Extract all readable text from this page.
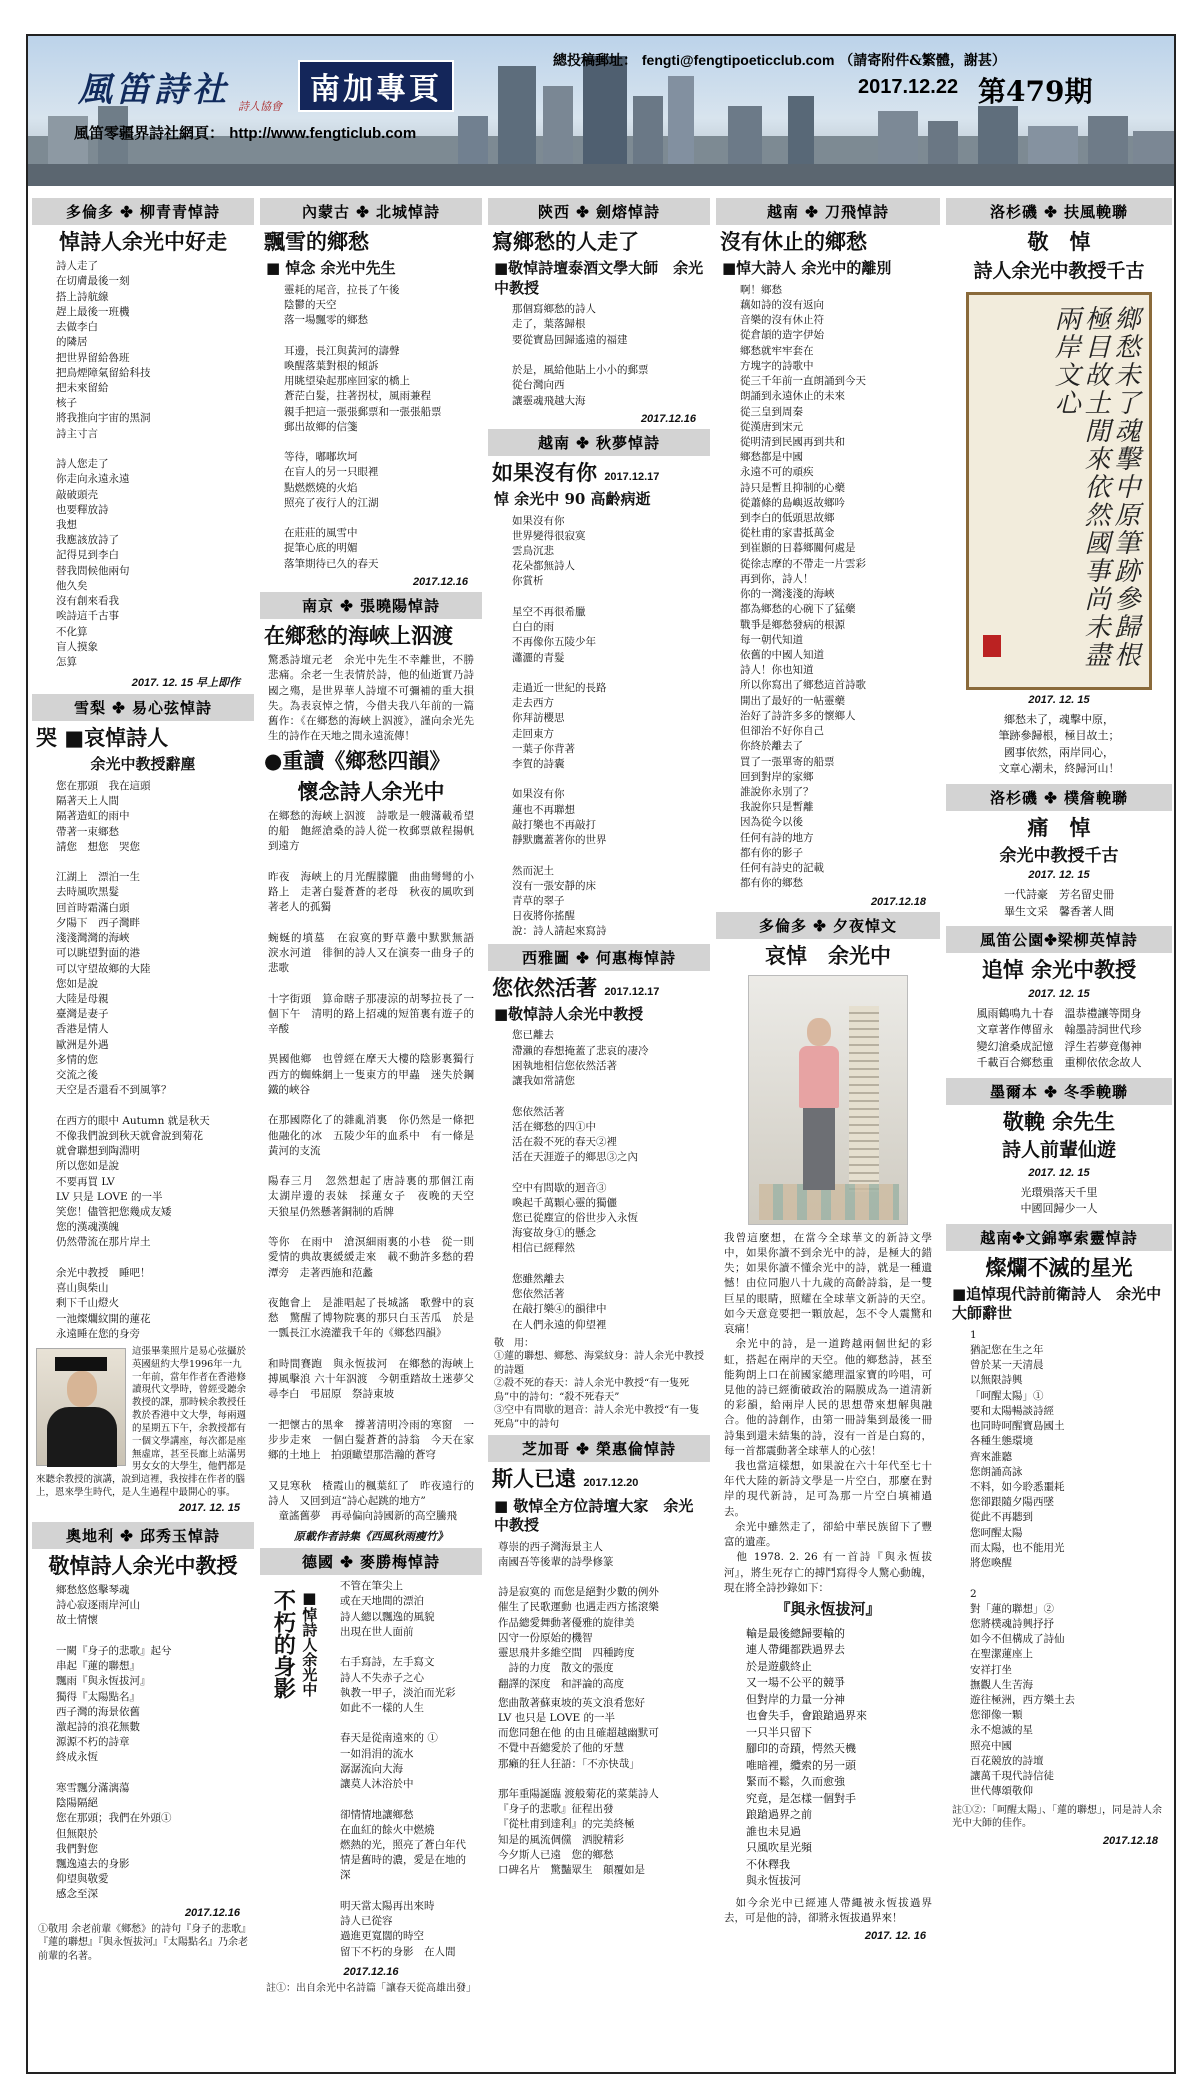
風笛詩社 詩人協會 南加專頁
總投稿郵址： fengti@fengtipoeticclub.com （請寄附件&繁體，謝甚）
2017.12.22 第479期
風笛零疆界詩社網頁： http://www.fengticlub.com
多倫多 ✤ 柳青青悼詩
悼詩人余光中好走
詩人走了
在切膚最後一刻
搭上詩航線
趕上最後一班機
去做李白
的隣居
把世界留給魯班
把鳥煙障氣留給科技
把未來留給
核子
將我推向宇宙的黑洞
詩主寸言

詩人您走了
你走向永遠永遠
敲破頭壳
也要釋放詩
我想
我應該放詩了
記得見到李白
替我問候他兩句
他久矣
沒有創來看我
唉詩這千古事
不化算
盲人摸象
怎算
2017. 12. 15 早上即作
雪梨 ✤ 易心弦悼詩
哭 ■哀悼詩人
余光中教授辭塵
您在那頭　我在這頭
隔著天上人間
隔著造虹的雨中
帶著一束鄉愁
請您　想您　哭您

江湖上　漂泊一生
去時風吹黑髮
回首時霜滿白頭
夕陽下　西子灣畔
淺淺灣灣的海峽
可以眺望對面的港
可以守望故鄉的大陸
您如是說
大陸是母親
臺灣是妻子
香港是情人
歐洲是外遇
多情的您
交流之後
天空是否還看不到風箏？

在西方的眼中 Autumn 就是秋天
不像我們說到秋天就會說到菊花
就會聯想到陶淵明
所以您如是說
不要再買 LV
LV 只是 LOVE 的一半
笑您！儘管把您幾成友矮
您的漢魂漢魄
仍然帶流在那片岸土

余光中教授　睡吧！
喜山與柴山
剩下千山燈火
一池燦爛紋開的蓮花
永遠睡在您的身旁
這張畢業照片是易心弦攝於英國紐約大學1996年一九一年前，當年作者在香港修讀現代文學時，曾經受聽余教授的課，那時候余教授任教於香港中文大學，每兩週的星期五下午，余教授都有一個文學講座，每次都是座無虛席，甚至長廊上站滿男男女女的大學生，他們都是來聽余教授的演講，說到這裡，我按排在作者的腦上，恩來學生時代，是人生過程中最開心的事。
2017. 12. 15
奧地利 ✤ 邱秀玉悼詩
敬悼詩人余光中教授
鄉愁悠悠擊琴魂
詩心寂逐雨岸河山
故土情懷

一闕『身子的悲歌』起兮
串起『蓮的聯想』
飄雨『與永恆拔河』
獨得『太陽點名』
西子灣的海景依舊
激起詩的浪花無數
源源不朽的詩章
終成永恆

寒雪飄分滿漓蕩
陰陽隔絕
您在那頭；我們在外頭①
但無限於
我們對您
飄逸遠去的身影
仰望與敬愛
感念至深
2017.12.16
①敬用 余老前輩《鄉愁》的詩句『身子的悲歌』『蓮的聯想』『與永恆拔河』『太陽點名』乃余老前輩的名著。
內蒙古 ✤ 北城悼詩
飄雪的鄉愁
■ 悼念 余光中先生
靈耗的尾音，拉長了午後
陰鬱的天空
落一場飄零的鄉愁

耳邊，長江與黃河的濤聲
喚醒落葉對根的傾訴
用眺望染起那座回家的橋上
蒼茫白髮，拄著拐杖，風雨兼程
親手把這一張張郵票和一張張船票
郵出故鄉的信箋

等待，嘟嘟坎坷
在盲人的另一只眼裡
點燃燃燒的火焰
照亮了夜行人的江湖

在莊莊的風雪中
捉筆心底的明媚
落筆期待已久的春天
2017.12.16
南京 ✤ 張曉陽悼詩
在鄉愁的海峽上泅渡
驚悉詩壇元老　余光中先生不幸離世，不勝悲痛。余老一生表情於詩，他的仙逝實乃詩國之殤，是世界華人詩壇不可彌補的重大損失。為表哀悼之情，今借夫我八年前的一篇舊作：《在鄉愁的海峽上泅渡》，謹向余光先生的詩作在天地之間永遠流傳！
●重讀《鄉愁四韻》
懷念詩人余光中
在鄉愁的海峽上泅渡　詩歌是一艘滿載希望的船　飽經滄桑的詩人從一枚郵票啟程揚帆到遠方

昨夜　海峽上的月光醒朦朧　曲曲彎彎的小路上　走著白髮蒼蒼的老母　秋夜的風吹到著老人的孤獨

蜿蜒的墳墓　在寂寞的野草叢中默默無語　淚水河道　徘徊的詩人又在演奏一曲身子的悲歌

十字街頭　算命瞎子那凄涼的胡琴拉長了一個下午　清明的路上招魂的短笛裏有遊子的辛酸

異國他鄉　也曾經在摩天大樓的陰影裏獨行　西方的蜘蛛網上一隻東方的甲蟲　迷失於鋼鐵的峽谷

在那國際化了的雜亂消裏　你仍然是一條把他融化的冰　五陵少年的血系中　有一條是黃河的支流

陽春三月　忽然想起了唐詩裏的那個江南　太湖岸邊的表妹　採蓮女子　夜晚的天空　天狼星仍然懸著銅制的盾牌

等你　在雨中　滄溟細雨裏的小巷　從一則愛情的典故裏緩緩走來　載不動許多愁的碧潭旁　走著西施和范蠡

夜飽會上　是誰唱起了長城謠　歌聲中的哀愁　驚醒了博物院裏的那只白玉苦瓜　於是　一瓢長江水澆灌我千年的《鄉愁四韻》

和時間賽跑　與永恆拔河　在鄉愁的海峽上　搏風擊浪 六十年泅渡　今朝重踏故土迷夢父　尋李白　弔屈原　祭詩東坡

一把懷古的黑傘　撐著清明冷雨的寒窗　一步步走來　一個白髮蒼蒼的詩翁　今天在家鄉的土地上　拍頭瞰望那浩瀚的蒼穹

又見寒秋　楂霞山的楓葉紅了　昨夜遠行的詩人　又回到這“詩心起跳的地方”
　童謠舊夢　再尋偏向詩國新的高空騰飛
原載作者詩集《西風秋雨瘦竹》
德國 ✤ 麥勝梅悼詩
不朽的身影 ■悼詩人余光中
不管在筆尖上
或在天地間的漂泊
詩人總以飄逸的風貌
出現在世人面前

右手寫詩，左手寫文
詩人不失赤子之心
執教一甲子，淡泊而光彩
如此不一樣的人生

春天是從南遠來的 ①
一如涓涓的流水
潺潺流向大海
讓莫人沐浴於中

卻情情地讓鄉愁
在血紅的餘火中燃燒
燃熱的光，照亮了蒼白年代
情是舊時的濃，愛是在地的深

明天當太陽再出來時
詩人已從容
過進更寬闊的時空
留下不朽的身影　在人間
2017.12.16
註①：出自余光中名詩篇「讓春天從高雄出發」
陝西 ✤ 劍熔悼詩
寫鄉愁的人走了
■敬悼詩壇泰酒文學大師　余光中教授
那個寫鄉愁的詩人
走了，葉落歸根
要從寶島回歸遙遠的福建

於是，風給他貼上小小的郵票
從台灣向西
讓靈魂飛越大海
2017.12.16
越南 ✤ 秋夢悼詩
如果沒有你 2017.12.17
悼 余光中 90 高齡病逝
如果沒有你
世界變得很寂寞
雲鳥沉悲
花朵都無詩人
你賞析

星空不再很希臘
白白的雨
不再像你五陵少年
瀟灑的青髮

走過近一世紀的長路
走去西方
你拜訪櫻思
走回東方
一葉子你背著
李賀的詩囊

如果沒有你
蓮也不再聯想
敲打樂也不再敲打
靜默鷹蓋著你的世界

然而泥土
沒有一張安靜的床
青草的翠子
日夜將你搖醒
說：詩人請起來寫詩
西雅圖 ✤ 何惠梅悼詩
您依然活著 2017.12.17
■敬悼詩人余光中教授
您已離去
滯瀨的春想掩蓋了悲哀的凄冷
困執地相信您依然活著
讓我如常請您

您依然活著
活在鄉愁的四①中
活在殺不死的春天②裡
活在天涯遊子的鄉思③之內

空中有問歇的迴音③
喚起千萬顆心靈的獨儷
您已從塵宣的俗世步入永恆
海宴故身①的懸念
相信已經釋然

您雖然離去
您依然活著
在敲打樂④的韻律中
在人們永遠的仰望裡
敬　用：
①蓮的聯想、鄉愁、海棠紋身：詩人余光中教授的詩題
②殺不死的春天：詩人余光中教授“有一隻死鳥”中的詩句：“殺不死春天”
③空中有問歇的迴音：詩人余光中教授“有一隻死鳥”中的詩句
芝加哥 ✤ 榮惠倫悼詩
斯人已遠 2017.12.20
■ 敬悼全方位詩壇大家　余光中教授
尊崇的西子灣海景主人
南國吾等後輩的詩學修篆

詩是寂寞的 而您是絕對少數的例外
催生了民歌運動 也遇走西方搖滾樂
作品總愛舞動著優雅的旋律美
囚守一份原始的機智
靈思飛井多維空間　四種跨度
　詩的力度　散文的張度
翻譯的深度　和評論的高度
您曲散著蘇東坡的英文浪肴您好
LV 也只是 LOVE 的一半
而您同憩在他 的由且確超越幽默可
不覺中吾總愛於了他的牙慧
那癩的狂人狂語：「不亦快哉」

那年重陽誕臨 渡般菊花的菜葉詩人
『身子的悲歌』征程出發
『從杜甫到達利』的完美終極
知是的風流倜儻　洒脫精彩
今夕斯人已遠　您的鄉愁
口碑名片　驚豔眾生　顛覆如是
越南 ✤ 刀飛悼詩
沒有休止的鄉愁
■悼大詩人 余光中的離別
啊！鄉愁
藕如詩的沒有返向
音樂的沒有休止符
從倉頡的造字伊始
鄉愁就牢牢套在
方塊字的詩歌中
從三千年前一直朗誦到今天
朗誦到永遠休止的未來
從三皇到周秦
從漢唐到宋元
從明清到民國再到共和
鄉愁都是中國
永遠不可的頑疾
詩只是暫且抑制的心藥
從蕭條的島嶼返故鄉吟
到李白的低頭思故鄉
從杜甫的家書抵萬金
到崔顥的日暮鄉關何處是
從徐志摩的不帶走一片雲彩
再到你，詩人！
你的一灣淺淺的海峽
都為鄉愁的心碗下了猛藥
戰爭是鄉愁發病的根源
每一朝代知道
依舊的中國人知道
詩人！你也知道
所以你寫出了鄉愁這首詩歌
開出了最好的一帖靈藥
治好了詩許多多的懷鄉人
但卻治不好你自己
你終於離去了
買了一張單寄的船票
回到對岸的家鄉
誰說你永別了？
我說你只是暫離
因為從今以後
任何有詩的地方
都有你的影子
任何有詩史的記載
都有你的鄉愁
2017.12.18
多倫多 ✤ 夕夜悼文
哀悼　余光中
我曾這麼想，在當今全球華文的新詩文學中，如果你讀不到余光中的詩，是極大的錯失；如果你讀不懂余光中的詩，就是一種遺憾！由位同胞八十九歲的高齡詩翁，是一雙巨星的眼睛，照耀在全球華文新詩的天空。如今天意竟要把一顆放起，怎不令人震驚和哀痛！
　余光中的詩，是一道跨越兩個世紀的彩虹，搭起在兩岸的天空。他的鄉愁詩，甚至能夠朗上口在前國家總理溫家寶的吟唱，可見他的詩已經衝破政治的隔膜成為一道清新的彩韻，給兩岸人民的思想帶來想解與融合。他的詩創作，由第一冊詩集到最後一冊詩集到還未結集的詩，沒有一首是白寫的，每一首都震動著全球華人的心弦！
　我也當這樣想，如果說在六十年代至七十年代大陸的新詩文學是一片空白，那麼在對岸的現代新詩，足可為那一片空白填補過去。
　余光中雖然走了，卻給中華民族留下了豐富的遺產。
　他 1978. 2. 26 有一首詩『與永恆拔河』，將生死存亡的搏鬥寫得令人驚心動魄，現在將全詩抄錄如下：
『與永恆拔河』
輸是最後總歸要輸的
連人帶繩都跌過界去
於是遊戲終止
又一場不公平的競爭
但對岸的力量一分神
也會失手，會踉蹌過界來
一只半只留下
腳印的奇蹟，愕然天機
唯暗裡，纜索的另一頭
緊而不鬆，久而愈強
究竟，是怎樣一個對手
踉蹌過界之前
誰也未見過
只風吹星光頻
不休釋我
與永恆拔河
　如今余光中已經連人帶繩被永恆拔過界去，可是他的詩，卻將永恆拔過界來！
2017. 12. 16
洛杉磯 ✤ 扶風輓聯
敬　悼
詩人余光中教授千古
鄉愁未了魂擊中原筆跡參歸根極目故土閒來依然國事尚未盡兩岸文心
2017. 12. 15
鄉愁未了，魂擊中原，
筆跡參歸根，極目故土；
國事依然，兩岸同心，
文章心潮未，終歸河山！
洛杉磯 ✤ 樸詹輓聯
痛　悼
余光中教授千古
2017. 12. 15
一代詩豪　芳名留史冊
畢生文采　馨香著人間
風笛公園✤梁柳英悼詩
追悼 余光中教授
2017. 12. 15
風雨鶴鳴九十春　溫恭禮讓等閒身
文章著作傳留永　翰墨詩詞世代珍
變幻滄桑成記憶　浮生若夢竟傷神
千載百合鄉愁重　重柳依依念故人
墨爾本 ✤ 冬季輓聯
敬輓 余先生
詩人前輩仙遊
2017. 12. 15
光環殞落天千里
中國回歸少一人
越南✤文錦寧索靈悼詩
燦爛不滅的星光
■追悼現代詩前衛詩人　余光中大師辭世
1
猶記您在生之年
曾於某一天清晨
以無限詩興
「呵醒太陽」①
要和太陽暢談詩經
也同時呵醒寶島國土
各種生態環境
齊來誰聽
您朗誦高詠
不料，如今聆悉噩耗
您卻跟隨夕陽西墜
從此不再聽到
您呵醒太陽
而太陽，也不能用光
將您喚醒

2
對「蓮的聯想」②
您將樸魂詩興抒抒
如今不但構成了詩仙
在聖潔蓮座上
安祥打坐
撫觀人生苦海
遊往極洲，西方樂土去
您卻像一顆
永不熄滅的星
照亮中國
百花競放的詩壇
讓萬千現代詩信徒
世代傳頌敬仰
註①②：「呵醒太陽」、「蓮的聯想」，同是詩人余光中大師的佳作。
2017.12.18
